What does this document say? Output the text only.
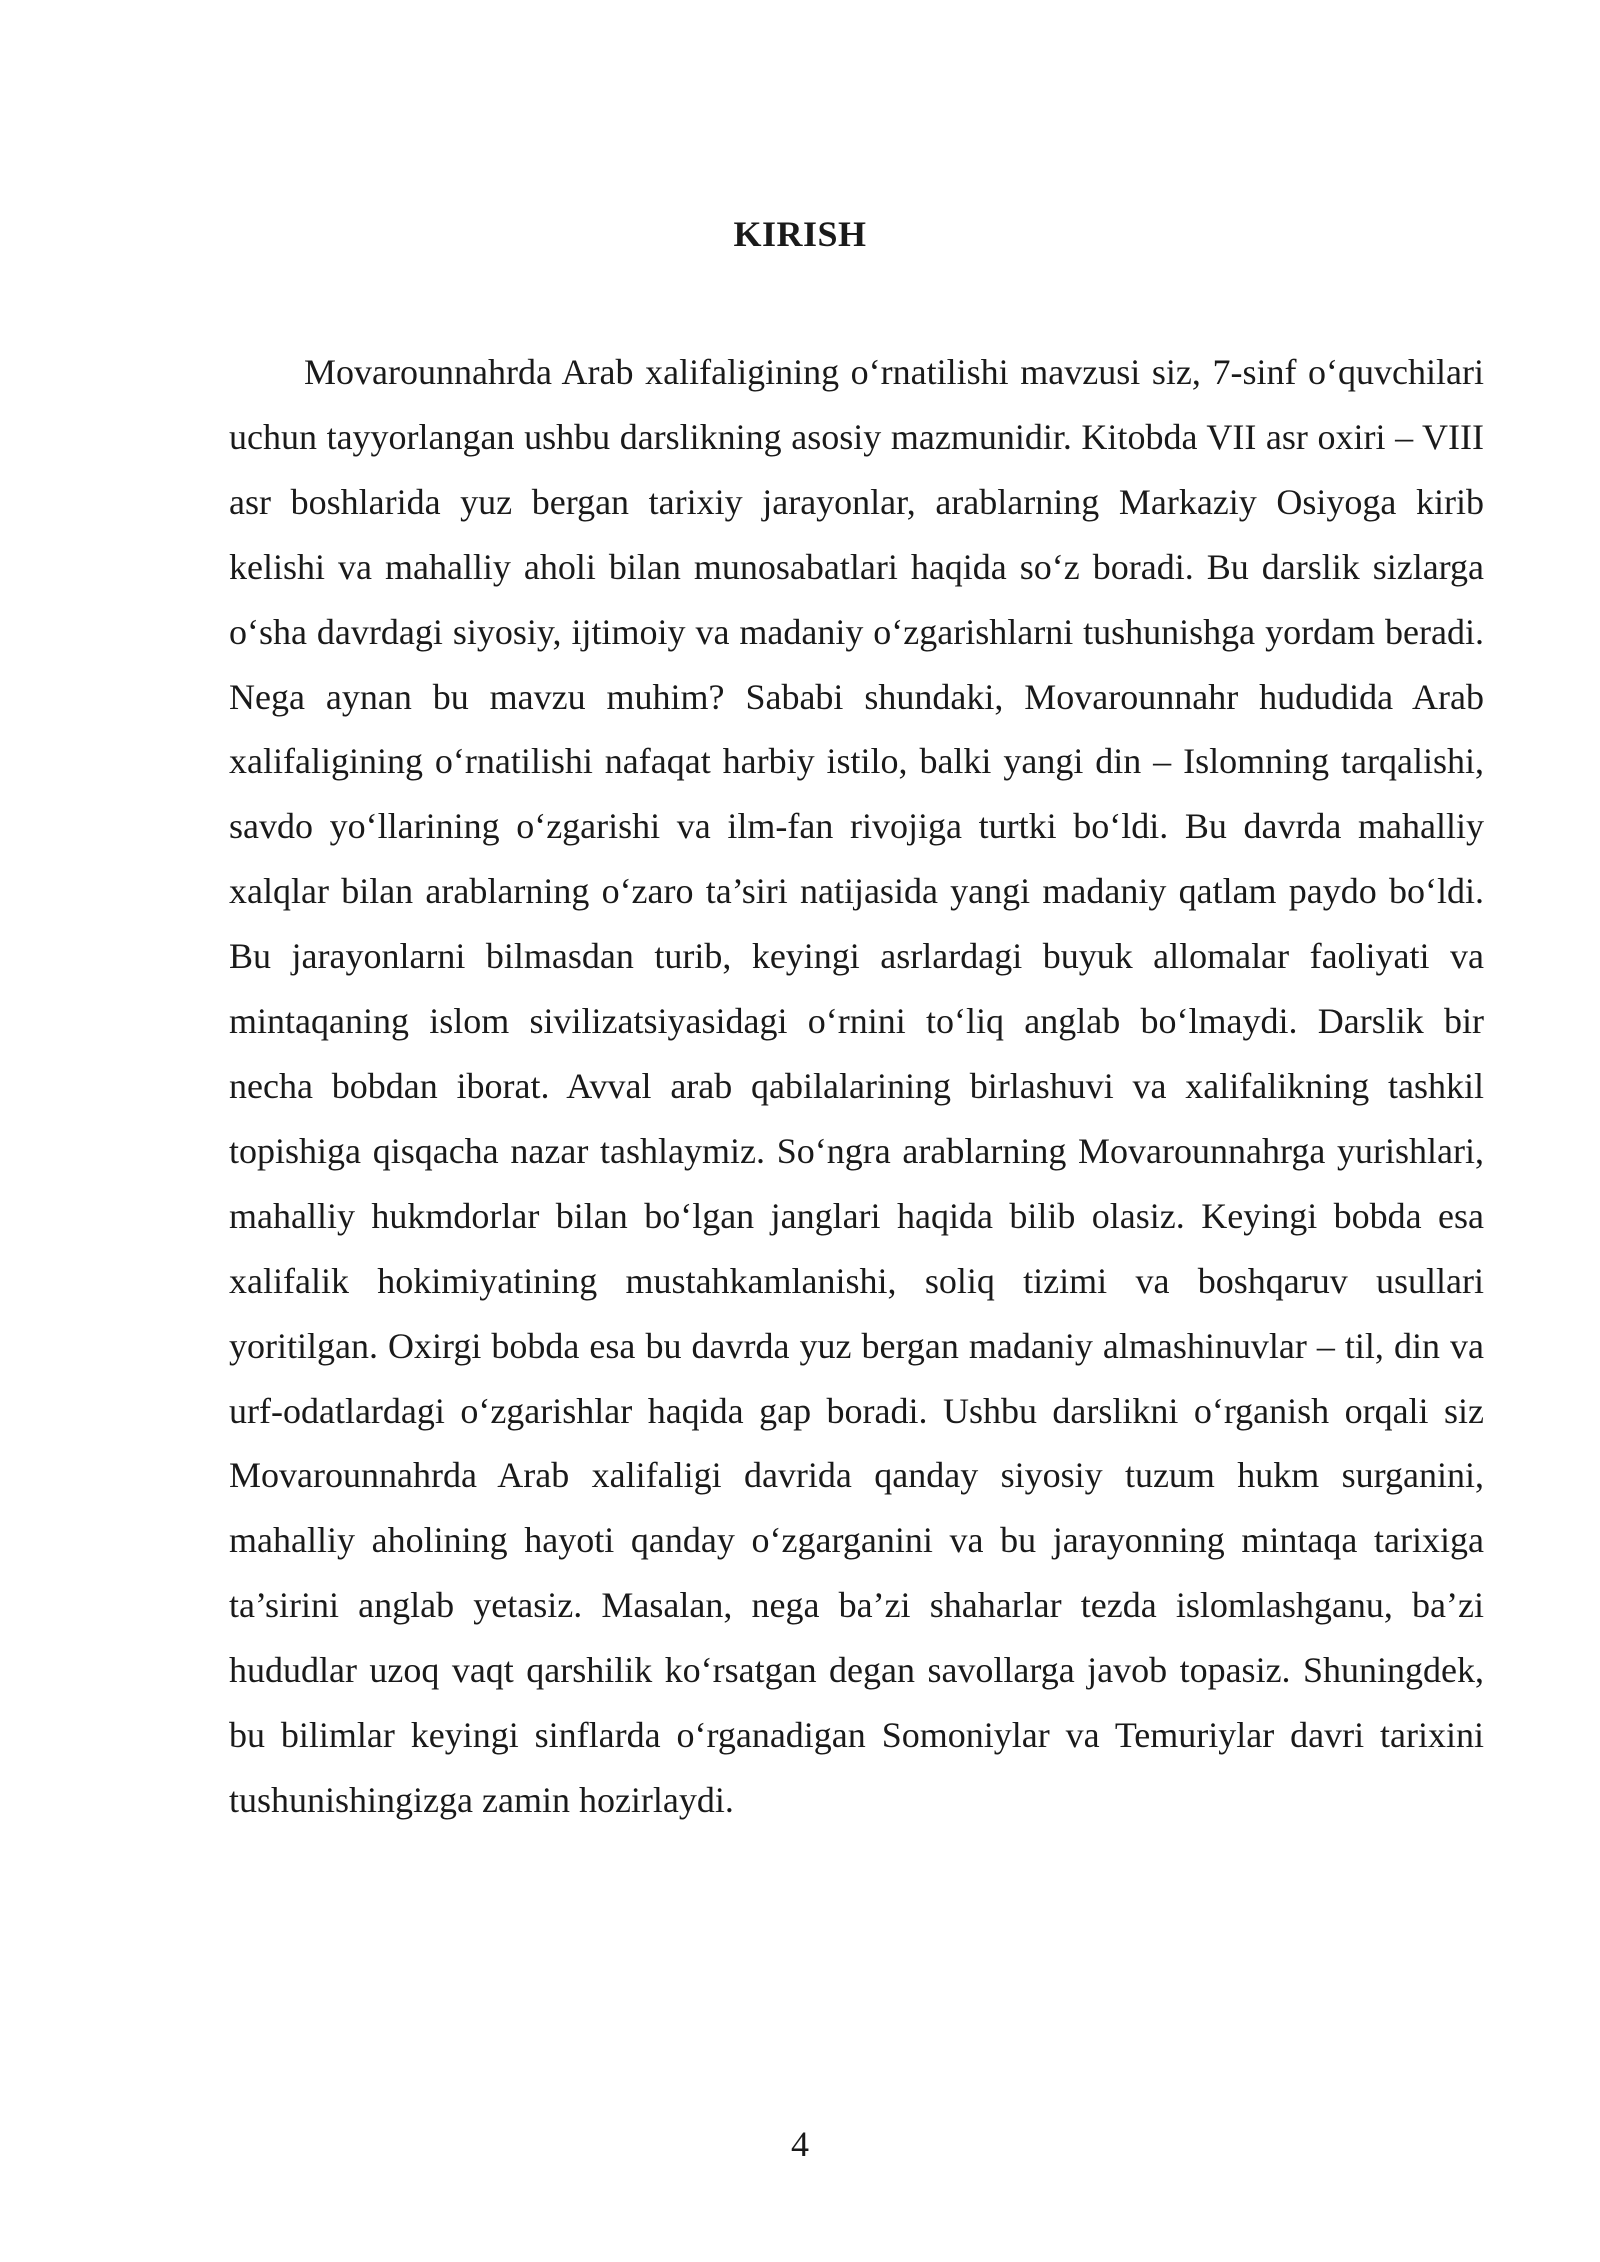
KIRISH

Movarounnahrda Arab xalifaligining o‘rnatilishi mavzusi siz, 7-sinf o‘quvchilari uchun tayyorlangan ushbu darslikning asosiy mazmunidir. Kitobda VII asr oxiri – VIII asr boshlarida yuz bergan tarixiy jarayonlar, arablarning Markaziy Osiyoga kirib kelishi va mahalliy aholi bilan munosabatlari haqida so‘z boradi. Bu darslik sizlarga o‘sha davrdagi siyosiy, ijtimoiy va madaniy o‘zgarishlarni tushunishga yordam beradi. Nega aynan bu mavzu muhim? Sababi shundaki, Movarounnahr hududida Arab xalifaligining o‘rnatilishi nafaqat harbiy istilo, balki yangi din – Islomning tarqalishi, savdo yo‘llarining o‘zgarishi va ilm-fan rivojiga turtki bo‘ldi. Bu davrda mahalliy xalqlar bilan arablarning o‘zaro ta’siri natijasida yangi madaniy qatlam paydo bo‘ldi. Bu jarayonlarni bilmasdan turib, keyingi asrlardagi buyuk allomalar faoliyati va mintaqaning islom sivilizatsiyasidagi o‘rnini to‘liq anglab bo‘lmaydi. Darslik bir necha bobdan iborat. Avval arab qabilalarining birlashuvi va xalifalikning tashkil topishiga qisqacha nazar tashlaymiz. So‘ngra arablarning Movarounnahrga yurishlari, mahalliy hukmdorlar bilan bo‘lgan janglari haqida bilib olasiz. Keyingi bobda esa xalifalik hokimiyatining mustahkamlanishi, soliq tizimi va boshqaruv usullari yoritilgan. Oxirgi bobda esa bu davrda yuz bergan madaniy almashinuvlar – til, din va urf-odatlardagi o‘zgarishlar haqida gap boradi. Ushbu darslikni o‘rganish orqali siz Movarounnahrda Arab xalifaligi davrida qanday siyosiy tuzum hukm surganini, mahalliy aholining hayoti qanday o‘zgarganini va bu jarayonning mintaqa tarixiga ta’sirini anglab yetasiz. Masalan, nega ba’zi shaharlar tezda islomlashganu, ba’zi hududlar uzoq vaqt qarshilik ko‘rsatgan degan savollarga javob topasiz. Shuningdek, bu bilimlar keyingi sinflarda o‘rganadigan Somoniylar va Temuriylar davri tarixini tushunishingizga zamin hozirlaydi.

4
